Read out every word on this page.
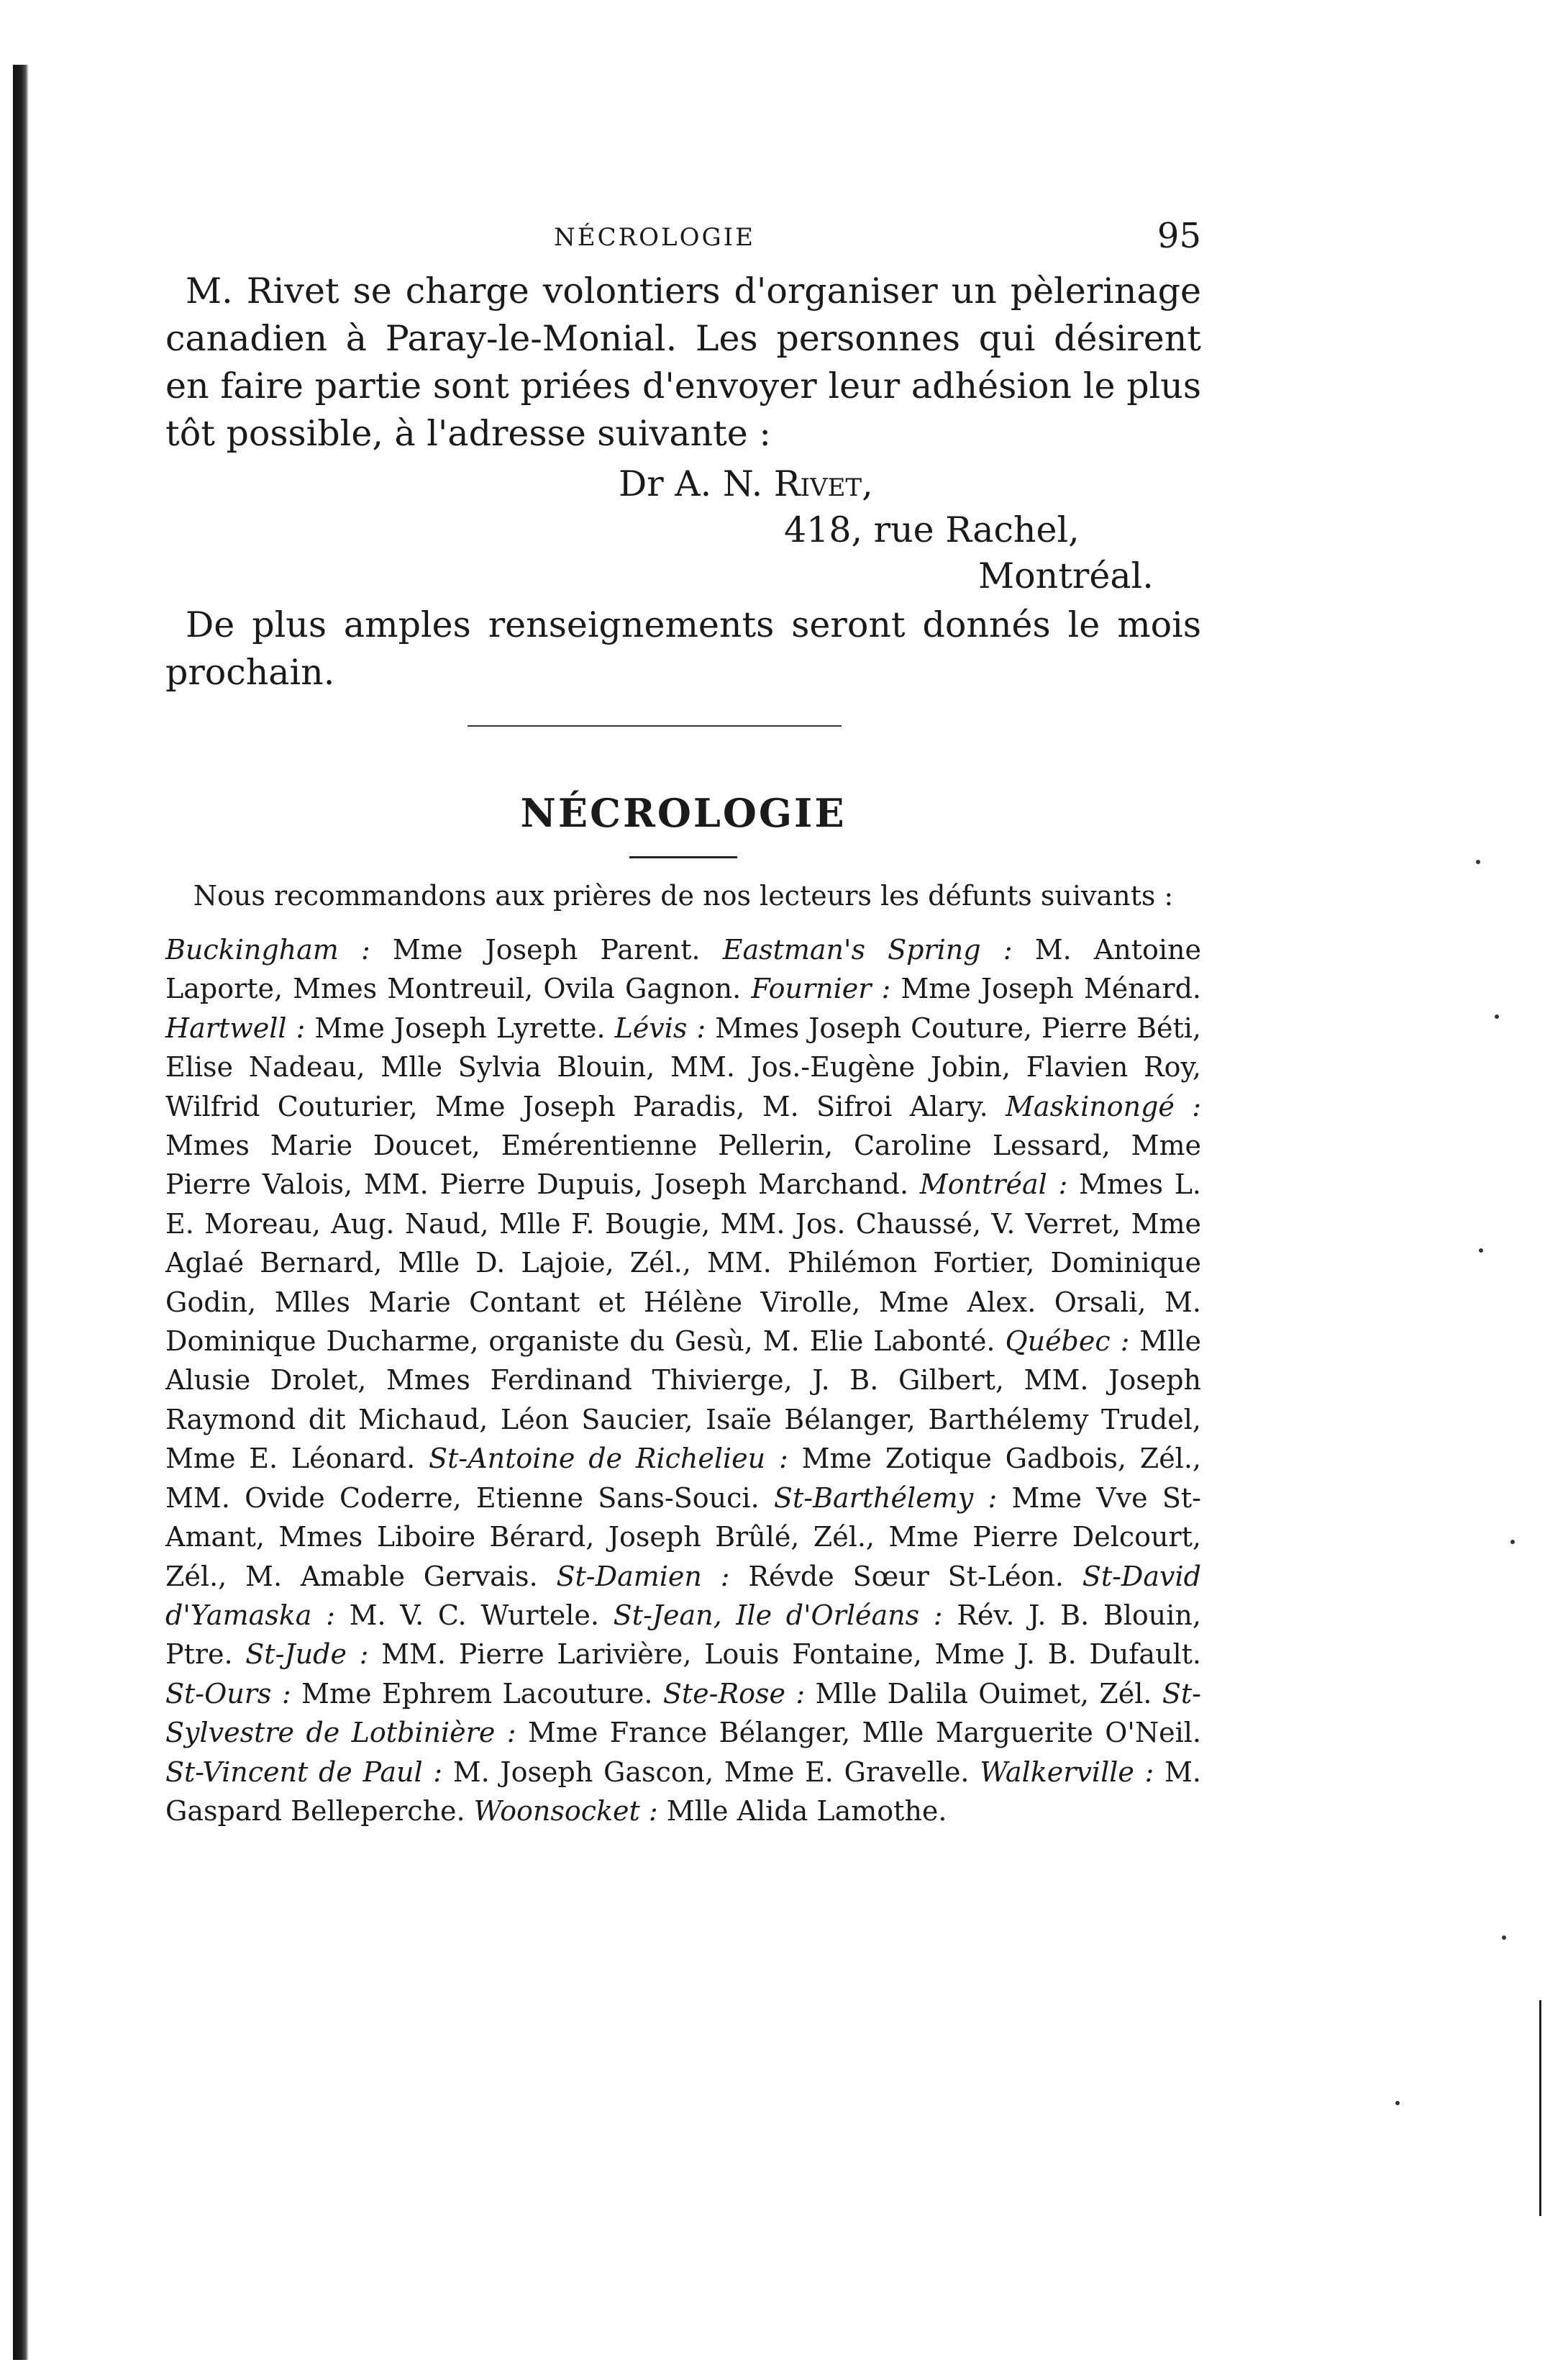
NÉCROLOGIE	95

M. Rivet se charge volontiers d'organiser un pèlerinage canadien à Paray-le-Monial. Les personnes qui désirent en faire partie sont priées d'envoyer leur adhésion le plus tôt possible, à l'adresse suivante :

Dr A. N. Rivet,
418, rue Rachel,
Montréal.

De plus amples renseignements seront donnés le mois prochain.

NÉCROLOGIE

Nous recommandons aux prières de nos lecteurs les défunts suivants :

Buckingham : Mme Joseph Parent. Eastman's Spring : M. Antoine Laporte, Mmes Montreuil, Ovila Gagnon. Fournier : Mme Joseph Ménard. Hartwell : Mme Joseph Lyrette. Lévis : Mmes Joseph Couture, Pierre Béti, Elise Nadeau, Mlle Sylvia Blouin, MM. Jos.-Eugène Jobin, Flavien Roy, Wilfrid Couturier, Mme Joseph Paradis, M. Sifroi Alary. Maskinongé : Mmes Marie Doucet, Emérentienne Pellerin, Caroline Lessard, Mme Pierre Valois, MM. Pierre Dupuis, Joseph Marchand. Montréal : Mmes L. E. Moreau, Aug. Naud, Mlle F. Bougie, MM. Jos. Chaussé, V. Verret, Mme Aglaé Bernard, Mlle D. Lajoie, Zél., MM. Philémon Fortier, Dominique Godin, Mlles Marie Contant et Hélène Virolle, Mme Alex. Orsali, M. Dominique Ducharme, organiste du Gesù, M. Elie Labonté. Québec : Mlle Alusie Drolet, Mmes Ferdinand Thivierge, J. B. Gilbert, MM. Joseph Raymond dit Michaud, Léon Saucier, Isaïe Bélanger, Barthélemy Trudel, Mme E. Léonard. St-Antoine de Richelieu : Mme Zotique Gadbois, Zél., MM. Ovide Coderre, Etienne Sans-Souci. St-Barthélemy : Mme Vve St-Amant, Mmes Liboire Bérard, Joseph Brûlé, Zél., Mme Pierre Delcourt, Zél., M. Amable Gervais. St-Damien : Révde Sœur St-Léon. St-David d'Yamaska : M. V. C. Wurtele. St-Jean, Ile d'Orléans : Rév. J. B. Blouin, Ptre. St-Jude : MM. Pierre Larivière, Louis Fontaine, Mme J. B. Dufault. St-Ours : Mme Ephrem Lacouture. Ste-Rose : Mlle Dalila Ouimet, Zél. St-Sylvestre de Lotbinière : Mme France Bélanger, Mlle Marguerite O'Neil. St-Vincent de Paul : M. Joseph Gascon, Mme E. Gravelle. Walkerville : M. Gaspard Belleperche. Woonsocket : Mlle Alida Lamothe.
